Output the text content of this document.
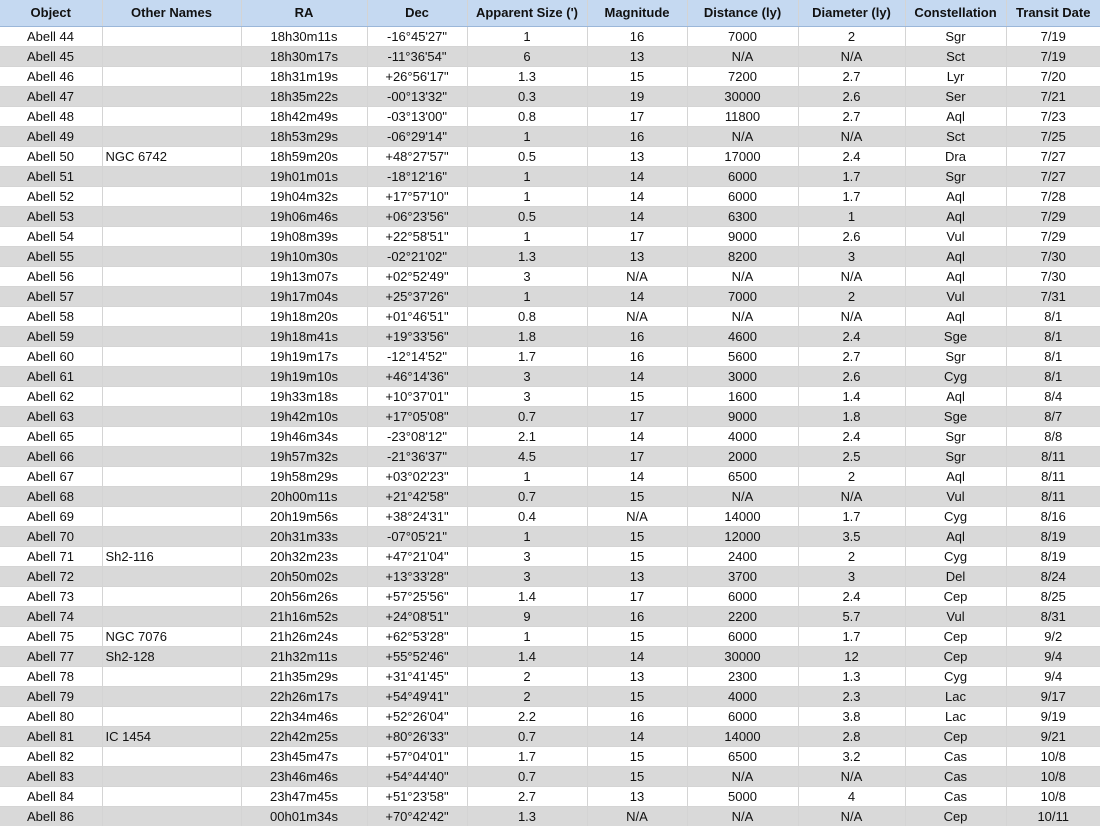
Object	Other Names	RA	Dec	Apparent Size (')	Magnitude	Distance (ly)	Diameter (ly)	Constellation	Transit Date
Abell 44		18h30m11s	-16°45'27"	1	16	7000	2	Sgr	7/19
Abell 45		18h30m17s	-11°36'54"	6	13	N/A	N/A	Sct	7/19
Abell 46		18h31m19s	+26°56'17"	1.3	15	7200	2.7	Lyr	7/20
Abell 47		18h35m22s	-00°13'32"	0.3	19	30000	2.6	Ser	7/21
Abell 48		18h42m49s	-03°13'00"	0.8	17	11800	2.7	Aql	7/23
Abell 49		18h53m29s	-06°29'14"	1	16	N/A	N/A	Sct	7/25
Abell 50	NGC 6742	18h59m20s	+48°27'57"	0.5	13	17000	2.4	Dra	7/27
Abell 51		19h01m01s	-18°12'16"	1	14	6000	1.7	Sgr	7/27
Abell 52		19h04m32s	+17°57'10"	1	14	6000	1.7	Aql	7/28
Abell 53		19h06m46s	+06°23'56"	0.5	14	6300	1	Aql	7/29
Abell 54		19h08m39s	+22°58'51"	1	17	9000	2.6	Vul	7/29
Abell 55		19h10m30s	-02°21'02"	1.3	13	8200	3	Aql	7/30
Abell 56		19h13m07s	+02°52'49"	3	N/A	N/A	N/A	Aql	7/30
Abell 57		19h17m04s	+25°37'26"	1	14	7000	2	Vul	7/31
Abell 58		19h18m20s	+01°46'51"	0.8	N/A	N/A	N/A	Aql	8/1
Abell 59		19h18m41s	+19°33'56"	1.8	16	4600	2.4	Sge	8/1
Abell 60		19h19m17s	-12°14'52"	1.7	16	5600	2.7	Sgr	8/1
Abell 61		19h19m10s	+46°14'36"	3	14	3000	2.6	Cyg	8/1
Abell 62		19h33m18s	+10°37'01"	3	15	1600	1.4	Aql	8/4
Abell 63		19h42m10s	+17°05'08"	0.7	17	9000	1.8	Sge	8/7
Abell 65		19h46m34s	-23°08'12"	2.1	14	4000	2.4	Sgr	8/8
Abell 66		19h57m32s	-21°36'37"	4.5	17	2000	2.5	Sgr	8/11
Abell 67		19h58m29s	+03°02'23"	1	14	6500	2	Aql	8/11
Abell 68		20h00m11s	+21°42'58"	0.7	15	N/A	N/A	Vul	8/11
Abell 69		20h19m56s	+38°24'31"	0.4	N/A	14000	1.7	Cyg	8/16
Abell 70		20h31m33s	-07°05'21"	1	15	12000	3.5	Aql	8/19
Abell 71	Sh2-116	20h32m23s	+47°21'04"	3	15	2400	2	Cyg	8/19
Abell 72		20h50m02s	+13°33'28"	3	13	3700	3	Del	8/24
Abell 73		20h56m26s	+57°25'56"	1.4	17	6000	2.4	Cep	8/25
Abell 74		21h16m52s	+24°08'51"	9	16	2200	5.7	Vul	8/31
Abell 75	NGC 7076	21h26m24s	+62°53'28"	1	15	6000	1.7	Cep	9/2
Abell 77	Sh2-128	21h32m11s	+55°52'46"	1.4	14	30000	12	Cep	9/4
Abell 78		21h35m29s	+31°41'45"	2	13	2300	1.3	Cyg	9/4
Abell 79		22h26m17s	+54°49'41"	2	15	4000	2.3	Lac	9/17
Abell 80		22h34m46s	+52°26'04"	2.2	16	6000	3.8	Lac	9/19
Abell 81	IC 1454	22h42m25s	+80°26'33"	0.7	14	14000	2.8	Cep	9/21
Abell 82		23h45m47s	+57°04'01"	1.7	15	6500	3.2	Cas	10/8
Abell 83		23h46m46s	+54°44'40"	0.7	15	N/A	N/A	Cas	10/8
Abell 84		23h47m45s	+51°23'58"	2.7	13	5000	4	Cas	10/8
Abell 86		00h01m34s	+70°42'42"	1.3	N/A	N/A	N/A	Cep	10/11
